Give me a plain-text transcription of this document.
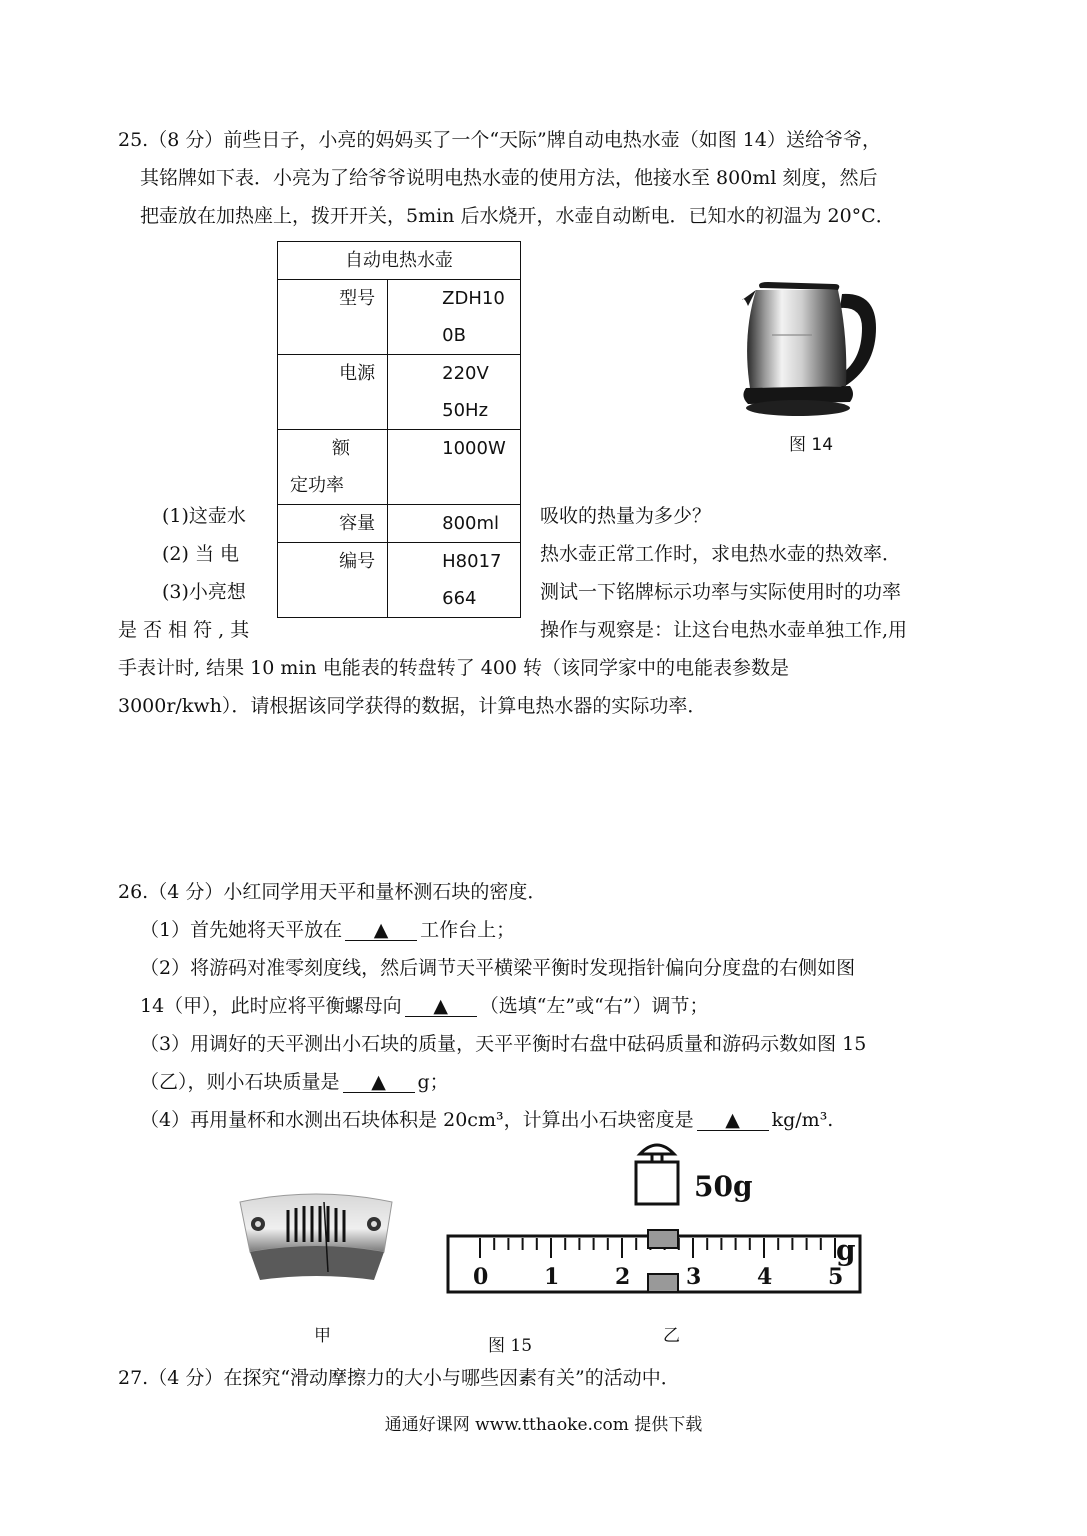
25.（8 分）前些日子，小亮的妈妈买了一个“天际”牌自动电热水壶（如图 14）送给爷爷，
其铭牌如下表．小亮为了给爷爷说明电热水壶的使用方法，他接水至 800ml 刻度，然后
把壶放在加热座上，拨开开关，5min 后水烧开，水壶自动断电．已知水的初温为 20°C．
自动电热水壶	
型号	ZDH100B

电源	220V 50Hz

额定功率	1000W
容量	800ml
编号	H8017664
图 14
(1)这壶水	吸收的热量为多少？
(2) 当 电	热水壶正常工作时，求电热水壶的热效率．
(3)小亮想	测试一下铭牌标示功率与实际使用时的功率
是 否 相 符 , 其	操作与观察是：让这台电热水壶单独工作,用
手表计时, 结果 10 min 电能表的转盘转了 400 转（该同学家中的电能表参数是
3000r/kwh）．请根据该同学获得的数据，计算电热水器的实际功率．
26.（4 分）小红同学用天平和量杯测石块的密度．
（1）首先她将天平放在 ▲ 工作台上；
（2）将游码对准零刻度线，然后调节天平横梁平衡时发现指针偏向分度盘的右侧如图
14（甲），此时应将平衡螺母向 ▲ （选填“左”或“右”）调节；
（3）用调好的天平测出小石块的质量，天平平衡时右盘中砝码质量和游码示数如图 15
（乙），则小石块质量是 ▲ g；
（4）再用量杯和水测出石块体积是 20cm³，计算出小石块密度是 ▲ kg/m³.
甲
50g
g
0	1	2	3	4	5
图 15	乙
27.（4 分）在探究“滑动摩擦力的大小与哪些因素有关”的活动中．
通通好课网 www.tthaoke.com 提供下载
